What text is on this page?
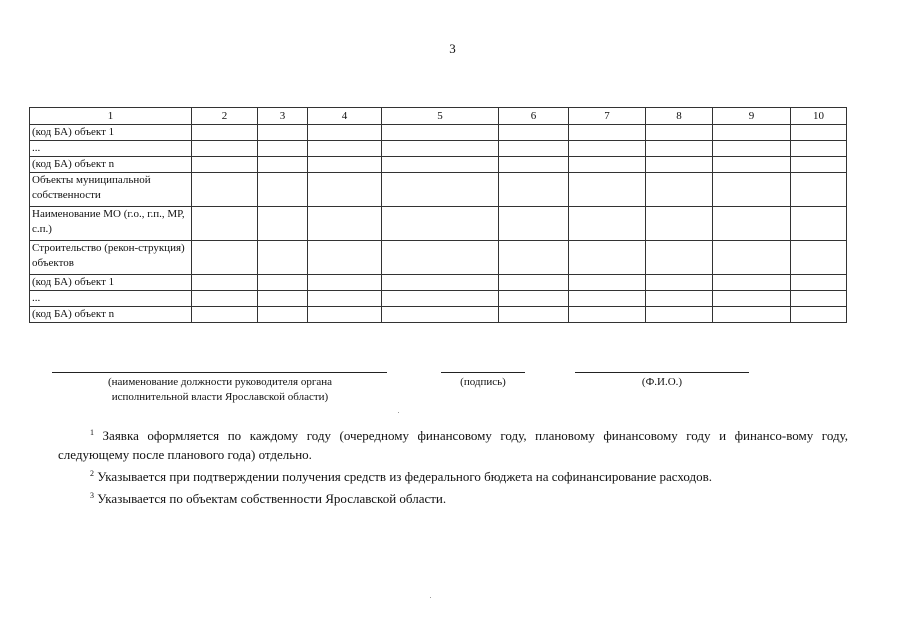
3
1	2	3	4	5	6	7	8	9	10
(код БА) объект 1									
...									
(код БА) объект n									
Объекты муниципальной собственности									
Наименование МО (г.о., г.п., МР, с.п.)									
Строительство (рекон-струкция) объектов									
(код БА) объект 1									
...									
(код БА) объект n									
(наименование должности руководителя органа
исполнительной власти Ярославской области)
(подпись)	(Ф.И.О.)

$^1$ Заявка оформляется по каждому году (очередному финансовому году, плановому финансовому году и финансо-вому году, следующему после планового года) отдельно.

$^2$ Указывается при подтверждении получения средств из федерального бюджета на софинансирование расходов.

$^3$ Указывается по объектам собственности Ярославской области.
